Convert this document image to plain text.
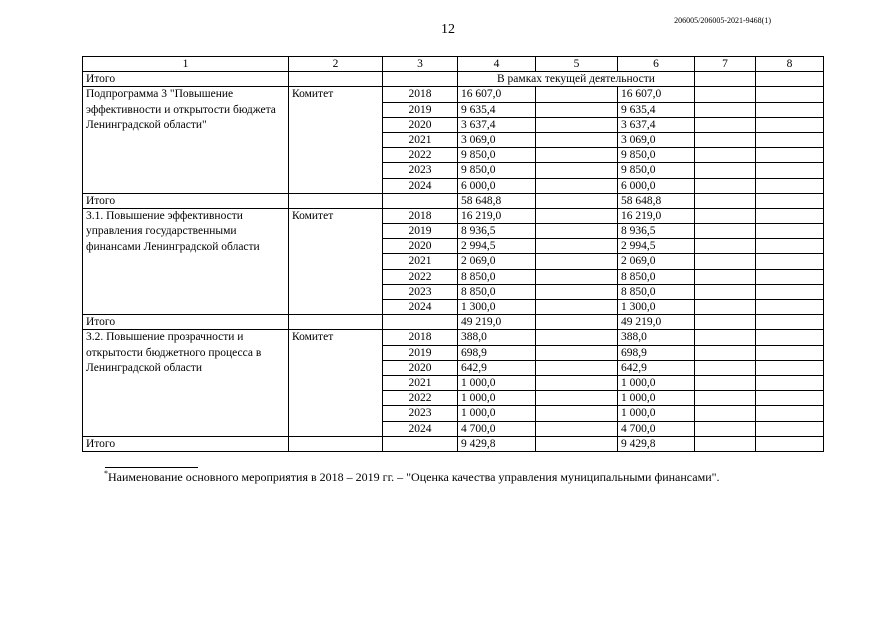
12
206005/206005-2021-9468(1)
1	2	3	4	5	6	7	8
Итого			В рамках текущей деятельности				
Подпрограмма 3 "Повышение эффективности и открытости бюджета Ленинградской области"	Комитет	2018	16 607,0		16 607,0		
		2019	9 635,4		9 635,4		
		2020	3 637,4		3 637,4		
		2021	3 069,0		3 069,0		
		2022	9 850,0		9 850,0		
		2023	9 850,0		9 850,0		
		2024	6 000,0		6 000,0		
Итого			58 648,8		58 648,8		
3.1. Повышение эффективности управления государственными финансами Ленинградской области	Комитет	2018	16 219,0		16 219,0		
		2019	8 936,5		8 936,5		
		2020	2 994,5		2 994,5		
		2021	2 069,0		2 069,0		
		2022	8 850,0		8 850,0		
		2023	8 850,0		8 850,0		
		2024	1 300,0		1 300,0		
Итого			49 219,0		49 219,0		
3.2. Повышение прозрачности и открытости бюджетного процесса в Ленинградской области	Комитет	2018	388,0		388,0		
		2019	698,9		698,9		
		2020	642,9		642,9		
		2021	1 000,0		1 000,0		
		2022	1 000,0		1 000,0		
		2023	1 000,0		1 000,0		
		2024	4 700,0		4 700,0		
Итого			9 429,8		9 429,8		
*Наименование основного мероприятия в 2018 – 2019 гг. – "Оценка качества управления муниципальными финансами".
